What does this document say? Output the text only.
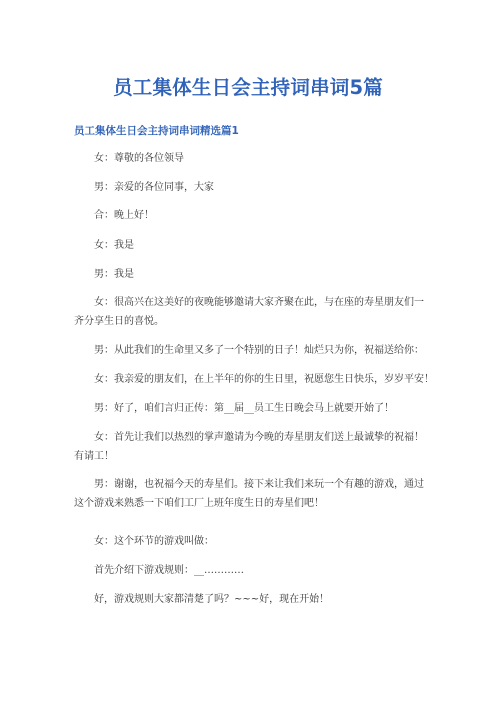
员工集体生日会主持词串词5篇
员工集体生日会主持词串词精选篇1

女：尊敬的各位领导

男：亲爱的各位同事，大家

合：晚上好！

女：我是

男：我是

女：很高兴在这美好的夜晚能够邀请大家齐聚在此，与在座的寿星朋友们一齐分享生日的喜悦。

男：从此我们的生命里又多了一个特别的日子！灿烂只为你，祝福送给你：

女：我亲爱的朋友们，在上半年的你的生日里，祝愿您生日快乐，岁岁平安！

男：好了，咱们言归正传：第__届__员工生日晚会马上就要开始了！

女：首先让我们以热烈的掌声邀请为今晚的寿星朋友们送上最诚挚的祝福！有请工！

男：谢谢，也祝福今天的寿星们。接下来让我们来玩一个有趣的游戏，通过这个游戏来熟悉一下咱们工厂上班年度生日的寿星们吧！

女：这个环节的游戏叫做：

首先介绍下游戏规则：__…………

好，游戏规则大家都清楚了吗？~~~好，现在开始！
